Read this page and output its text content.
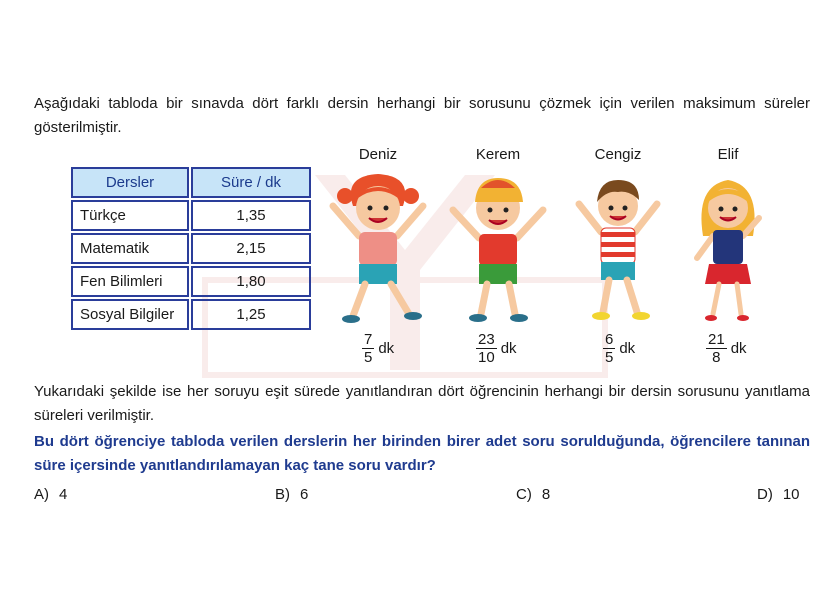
Aşağıdaki tabloda bir sınavda dört farklı dersin herhangi bir sorusunu çözmek için verilen maksimum süreler gösterilmiştir.
Dersler	Süre / dk
Türkçe	1,35
Matematik	2,15
Fen Bilimleri	1,80
Sosyal Bilgiler	1,25
Deniz	Kerem	Cengiz	Elif
$\frac{7}{5}$ dk	$\frac{23}{10}$ dk	$\frac{6}{5}$ dk	$\frac{21}{8}$ dk
Yukarıdaki şekilde ise her soruyu eşit sürede yanıtlandıran dört öğrencinin herhangi bir dersin sorusunu yanıtlama süreleri verilmiştir.
Bu dört öğrenciye tabloda verilen derslerin her birinden birer adet soru sorulduğunda, öğrencilere tanınan süre içersinde yanıtlandırılamayan kaç tane soru vardır?
A) 4	B) 6	C) 8	D) 10
